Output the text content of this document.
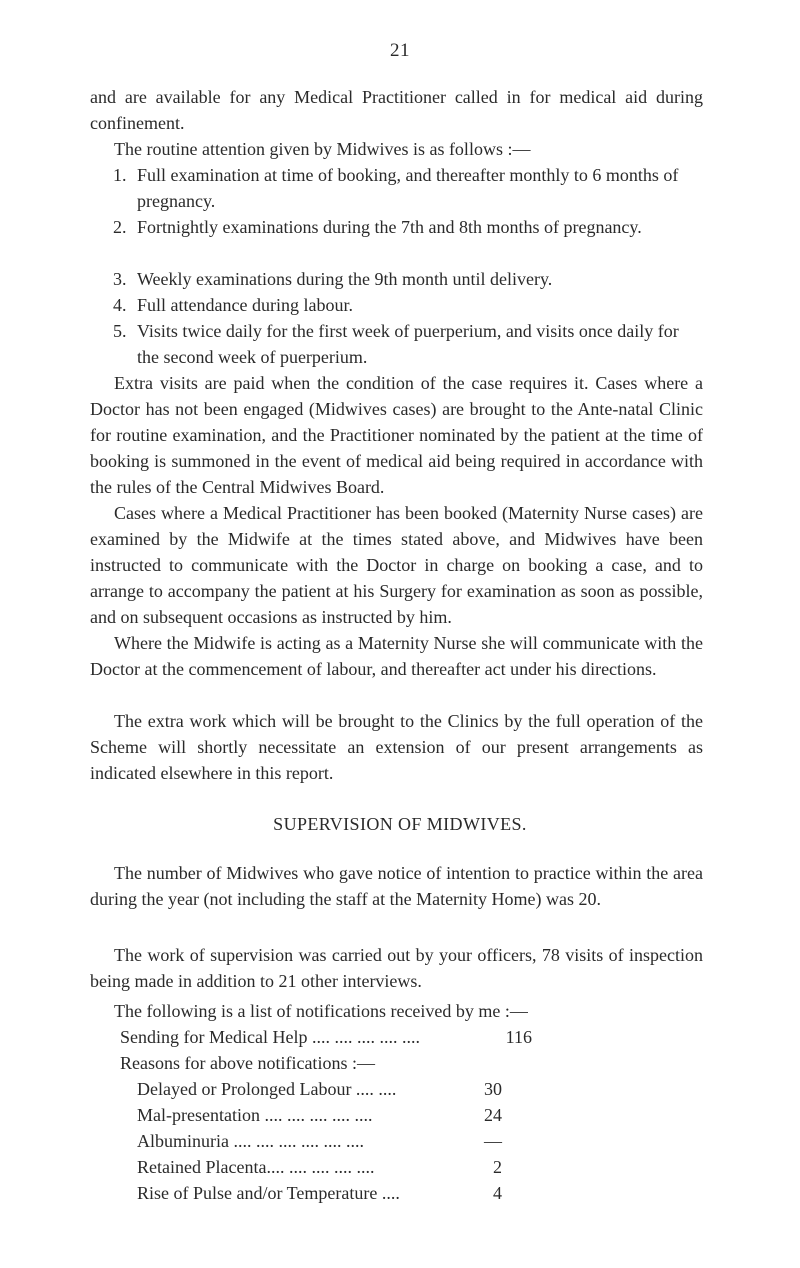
21
and are available for any Medical Practitioner called in for medical aid during confinement.
The routine attention given by Midwives is as follows :—
1. Full examination at time of booking, and thereafter monthly to 6 months of pregnancy.
2. Fortnightly examinations during the 7th and 8th months of pregnancy.
3. Weekly examinations during the 9th month until delivery.
4. Full attendance during labour.
5. Visits twice daily for the first week of puerperium, and visits once daily for the second week of puerperium.
Extra visits are paid when the condition of the case requires it. Cases where a Doctor has not been engaged (Midwives cases) are brought to the Ante-natal Clinic for routine examination, and the Practitioner nominated by the patient at the time of booking is summoned in the event of medical aid being required in accordance with the rules of the Central Midwives Board.
Cases where a Medical Practitioner has been booked (Maternity Nurse cases) are examined by the Midwife at the times stated above, and Midwives have been instructed to communicate with the Doctor in charge on booking a case, and to arrange to accompany the patient at his Surgery for examination as soon as possible, and on subsequent occasions as instructed by him.
Where the Midwife is acting as a Maternity Nurse she will communicate with the Doctor at the commencement of labour, and thereafter act under his directions.
The extra work which will be brought to the Clinics by the full operation of the Scheme will shortly necessitate an extension of our present arrangements as indicated elsewhere in this report.
SUPERVISION OF MIDWIVES.
The number of Midwives who gave notice of intention to practice within the area during the year (not including the staff at the Maternity Home) was 20.
The work of supervision was carried out by your officers, 78 visits of inspection being made in addition to 21 other interviews.
The following is a list of notifications received by me :—
Sending for Medical Help .... .... .... .... ....	116
Reasons for above notifications :—
Delayed or Prolonged Labour .... ....	30
Mal-presentation .... .... .... .... ....	24
Albuminuria .... .... .... .... .... ....	—
Retained Placenta.... .... .... .... ....	2
Rise of Pulse and/or Temperature ....	4
